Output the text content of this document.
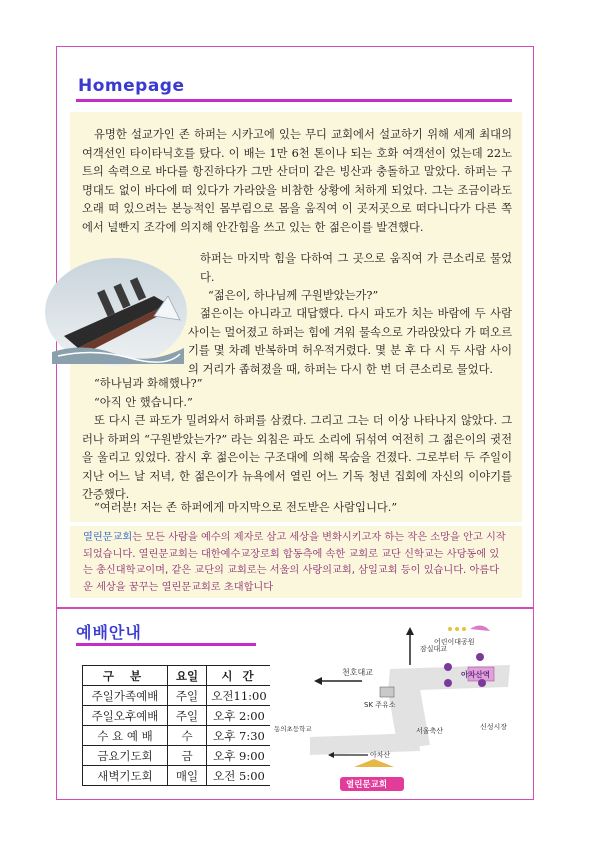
Homepage

유명한 설교가인 존 하퍼는 시카고에 있는 무디 교회에서 설교하기 위해 세계 최대의 여객선인 타이타닉호를 탔다. 이 배는 1만 6천 톤이나 되는 호화 여객선이 었는데 22노트의 속력으로 바다를 항진하다가 그만 산더미 같은 빙산과 충돌하고 말았다. 하퍼는 구명대도 없이 바다에 떠 있다가 가라앉을 비참한 상황에 처하게 되었다. 그는 조금이라도 오래 떠 있으려는 본능적인 몸부림으로 몸을 움직여 이 곳저곳으로 떠다니다가 다른 쪽에서 널빤지 조각에 의지해 안간힘을 쓰고 있는 한 젊은이를 발견했다.

하퍼는 마지막 힘을 다하여 그 곳으로 움직여 가 큰소리로 물었다.

“젊은이, 하나님께 구원받았는가?”

젊은이는 아니라고 대답했다. 다시 파도가 치는 바람에 두 사람 사이는 멀어졌고 하퍼는 힘에 겨워 물속으로 가라앉았다 가 떠오르기를 몇 차례 반복하며 허우적거렸다. 몇 분 후 다 시 두 사람 사이의 거리가 좁혀졌을 때, 하퍼는 다시 한 번 더 큰소리로 물었다.

“하나님과 화해했나?”

“아직 안 했습니다.”

또 다시 큰 파도가 밀려와서 하퍼를 삼켰다. 그리고 그는 더 이상 나타나지 않았다. 그러나 하퍼의 “구원받았는가?” 라는 외침은 파도 소리에 뒤섞여 여전히 그 젊은이의 귓전을 울리고 있었다. 잠시 후 젊은이는 구조대에 의해 목숨을 건졌다. 그로부터 두 주일이 지난 어느 날 저녁, 한 젊은이가 뉴욕에서 열린 어느 기독 청년 집회에 자신의 이야기를 간증했다.

“여러분! 저는 존 하퍼에게 마지막으로 전도받은 사람입니다.”

열린문교회는 모든 사람을 예수의 제자로 삼고 세상을 변화시키고자 하는 작은 소망을 안고 시작되었습니다. 열린문교회는 대한예수교장로회 합동측에 속한 교회로 교단 신학교는 사당동에 있는 총신대학교이며, 같은 교단의 교회로는 서울의 사랑의교회, 삼일교회 등이 있습니다. 아름다운 세상을 꿈꾸는 열린문교회로 초대합니다

예배안내
구 분	요일	시 간
주일가족예배	주일	오전11:00
주일오후예배	주일	오후 2:00
수 요 예 배	수	오후 7:30
금요기도회	금	오후 9:00
새벽기도회	매일	오전 5:00
잠실대교
천호대교
어린이대공원
아차산역
SK 주유소
동의초등학교	서울축산	신성시장
아차산
열린문교회
